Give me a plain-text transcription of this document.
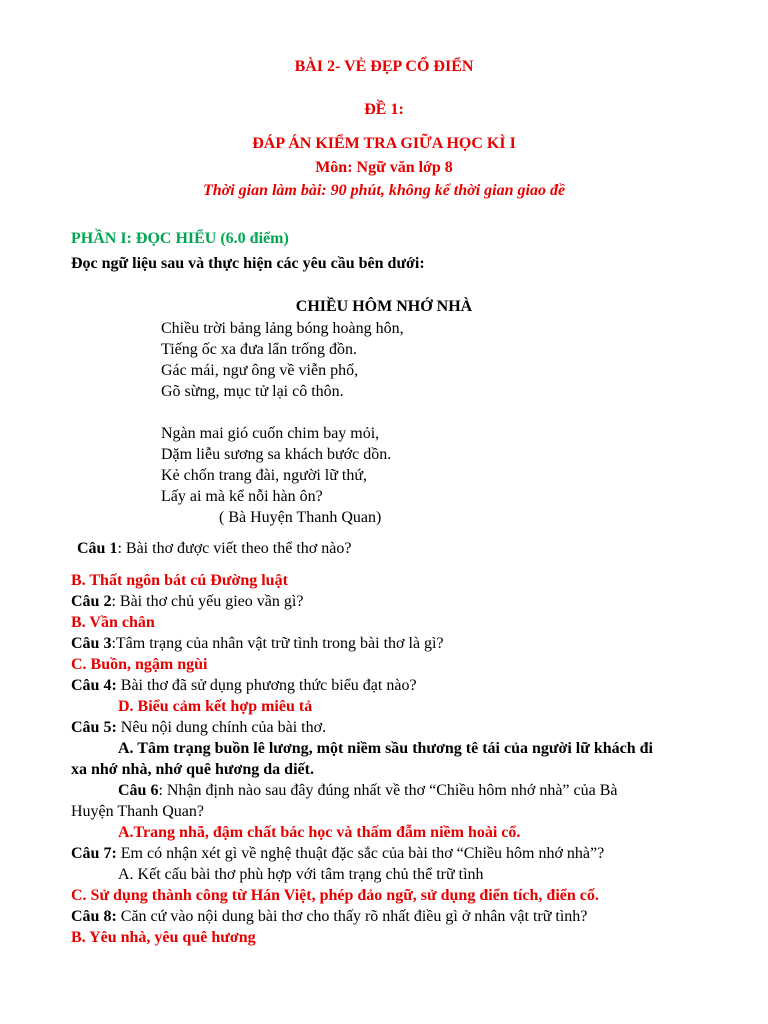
BÀI 2- VẺ ĐẸP CỔ ĐIỂN
ĐỀ 1:
ĐÁP ÁN KIỂM TRA GIỮA HỌC KÌ I
Môn: Ngữ văn lớp 8
Thời gian làm bài: 90 phút, không kể thời gian giao đề
PHẦN I: ĐỌC HIỂU (6.0 điểm)
Đọc ngữ liệu sau và thực hiện các yêu cầu bên dưới:
CHIỀU HÔM NHỚ NHÀ
Chiều trời bảng lảng bóng hoàng hôn,
Tiếng ốc xa đưa lẩn trống đồn.
Gác mái, ngư ông về viễn phố,
Gõ sừng, mục tử lại cô thôn.
Ngàn mai gió cuốn chim bay mỏi,
Dặm liễu sương sa khách bước dồn.
Kẻ chốn trang đài, người lữ thứ,
Lấy ai mà kể nỗi hàn ôn?
( Bà Huyện Thanh Quan)
Câu 1: Bài thơ được viết theo thể thơ nào?
B. Thất ngôn bát cú Đường luật
Câu 2: Bài thơ chủ yếu gieo vần gì?
B. Vần chân
Câu 3:Tâm trạng của nhân vật trữ tình trong bài thơ là gì?
C. Buồn, ngậm ngùi
Câu 4: Bài thơ đã sử dụng phương thức biểu đạt nào?
D. Biểu cảm kết hợp miêu tả
Câu 5: Nêu nội dung chính của bài thơ.
A. Tâm trạng buồn lê lương, một niềm sầu thương tê tái của người lữ khách đi
xa nhớ nhà, nhớ quê hương da diết.
Câu 6: Nhận định nào sau đây đúng nhất về thơ “Chiều hôm nhớ nhà” của Bà
Huyện Thanh Quan?
A.Trang nhã, đậm chất bác học và thấm đẫm niềm hoài cổ.
Câu 7: Em có nhận xét gì về nghệ thuật đặc sắc của bài thơ “Chiều hôm nhớ nhà”?
A. Kết cấu bài thơ phù hợp với tâm trạng chủ thể trữ tình
C. Sử dụng thành công từ Hán Việt, phép đảo ngữ, sử dụng điển tích, điển cố.
Câu 8: Căn cứ vào nội dung bài thơ cho thấy rõ nhất điều gì ở nhân vật trữ tình?
B. Yêu nhà, yêu quê hương
